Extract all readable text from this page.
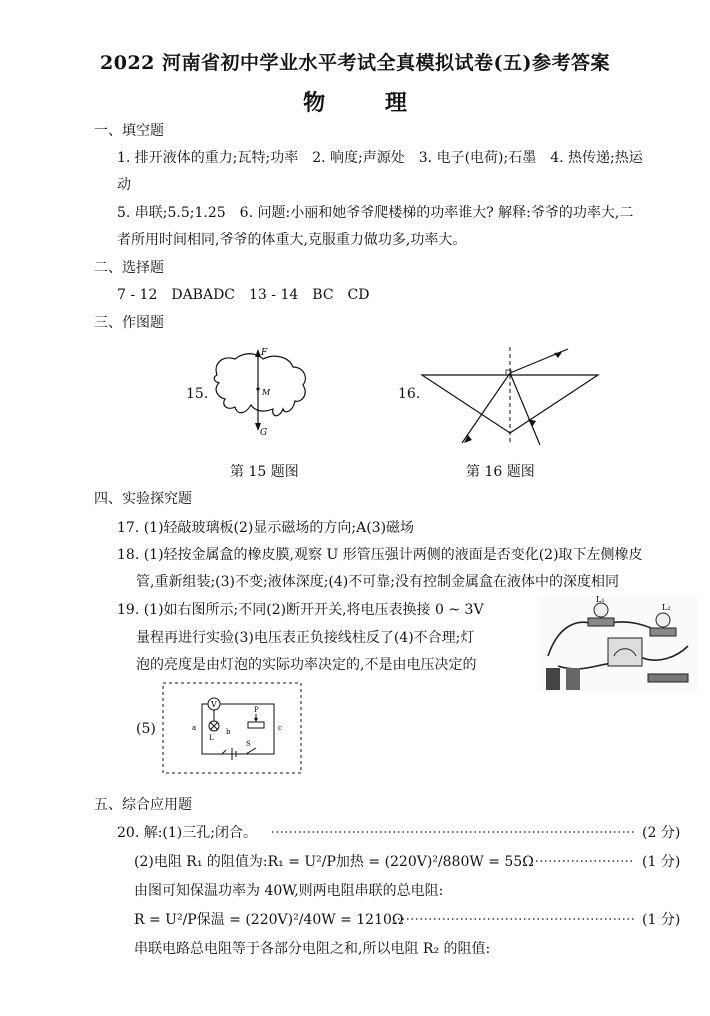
2022 河南省初中学业水平考试全真模拟试卷(五)参考答案
物 理
一、填空题
1. 排开液体的重力;瓦特;功率　2. 响度;声源处　3. 电子(电荷);石墨　4. 热传递;热运
动
5. 串联;5.5;1.25　6. 问题:小丽和她爷爷爬楼梯的功率谁大? 解释:爷爷的功率大,二
者所用时间相同,爷爷的体重大,克服重力做功多,功率大。
二、选择题
7 - 12　DABADC　13 - 14　BC　CD
三、作图题
15.
F
M
G
第 15 题图
16.
第 16 题图
四、实验探究题
17. (1)轻敲玻璃板(2)显示磁场的方向;A(3)磁场
18. (1)轻按金属盒的橡皮膜,观察 U 形管压强计两侧的液面是否变化(2)取下左侧橡皮
管,重新组装;(3)不变;液体深度;(4)不可靠;没有控制金属盒在液体中的深度相同
19. (1)如右图所示;不同(2)断开开关,将电压表换接 0 ~ 3V
量程再进行实验(3)电压表正负接线柱反了(4)不合理;灯
泡的亮度是由灯泡的实际功率决定的,不是由电压决定的
L₁
L₂
(5)
V
L
P
a	b	c
S
五、综合应用题
20. 解:(1)三孔;闭合。	(2 分)
(2)电阻 R₁ 的阻值为:R₁ = U²/P加热 = (220V)²/880W = 55Ω	(1 分)
由图可知保温功率为 40W,则两电阻串联的总电阻:
R = U²/P保温 = (220V)²/40W = 1210Ω	(1 分)
串联电路总电阻等于各部分电阻之和,所以电阻 R₂ 的阻值:
